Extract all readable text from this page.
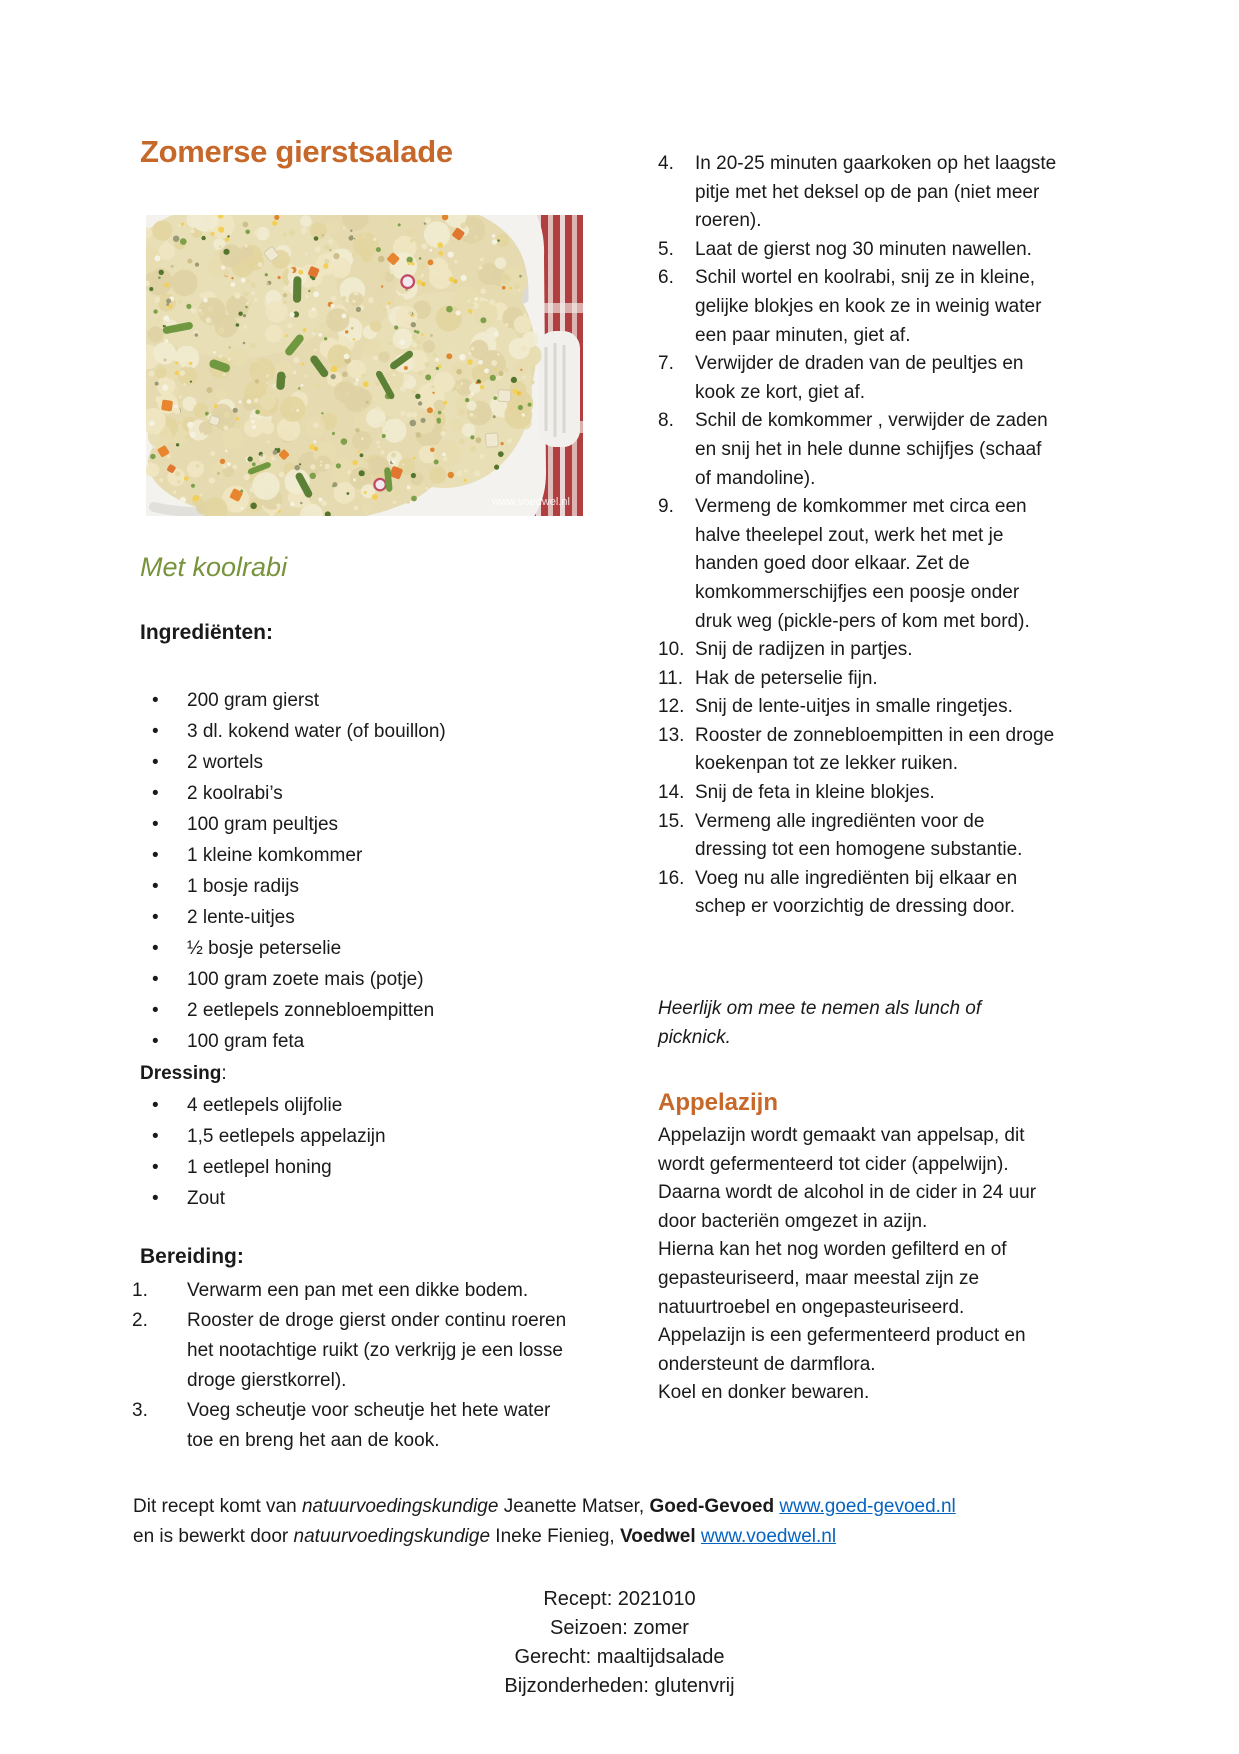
Zomerse gierstsalade
www.voedwel.nl
Met koolrabi
Ingrediënten:
• 200 gram gierst
• 3 dl. kokend water (of bouillon)
• 2 wortels
• 2 koolrabi’s
• 100 gram peultjes
• 1 kleine komkommer
• 1 bosje radijs
• 2 lente-uitjes
• ½ bosje peterselie
• 100 gram zoete mais (potje)
• 2 eetlepels zonnebloempitten
• 100 gram feta
Dressing:
• 4 eetlepels olijfolie
• 1,5 eetlepels appelazijn
• 1 eetlepel honing
• Zout
Bereiding:
1.	Verwarm een pan met een dikke bodem.
2.	Rooster de droge gierst onder continu roeren het nootachtige ruikt (zo verkrijg je een losse droge gierstkorrel).
3.	Voeg scheutje voor scheutje het hete water toe en breng het aan de kook.
4.	In 20-25 minuten gaarkoken op het laagste pitje met het deksel op de pan (niet meer roeren).
5.	Laat de gierst nog 30 minuten nawellen.
6.	Schil wortel en koolrabi, snij ze in kleine, gelijke blokjes en kook ze in weinig water een paar minuten, giet af.
7.	Verwijder de draden van de peultjes en kook ze kort, giet af.
8.	Schil de komkommer , verwijder de zaden en snij het in hele dunne schijfjes (schaaf of mandoline).
9.	Vermeng de komkommer met circa een halve theelepel zout, werk het met je handen goed door elkaar. Zet de komkommerschijfjes een poosje onder druk weg (pickle-pers of kom met bord).
10. Snij de radijzen in partjes.
11. Hak de peterselie fijn.
12. Snij de lente-uitjes in smalle ringetjes.
13. Rooster de zonnebloempitten in een droge koekenpan tot ze lekker ruiken.
14. Snij de feta in kleine blokjes.
15. Vermeng alle ingrediënten voor de dressing tot een homogene substantie.
16. Voeg nu alle ingrediënten bij elkaar en schep er voorzichtig de dressing door.
Heerlijk om mee te nemen als lunch of picknick.
Appelazijn
Appelazijn wordt gemaakt van appelsap, dit wordt gefermenteerd tot cider (appelwijn).
Daarna wordt de alcohol in de cider in 24 uur door bacteriën omgezet in azijn.
Hierna kan het nog worden gefilterd en of gepasteuriseerd, maar meestal zijn ze natuurtroebel en ongepasteuriseerd.
Appelazijn is een gefermenteerd product en ondersteunt de darmflora.
Koel en donker bewaren.
Dit recept komt van natuurvoedingskundige Jeanette Matser, Goed-Gevoed www.goed-gevoed.nl en is bewerkt door natuurvoedingskundige Ineke Fienieg, Voedwel www.voedwel.nl
Recept: 2021010
Seizoen: zomer
Gerecht: maaltijdsalade
Bijzonderheden: glutenvrij
